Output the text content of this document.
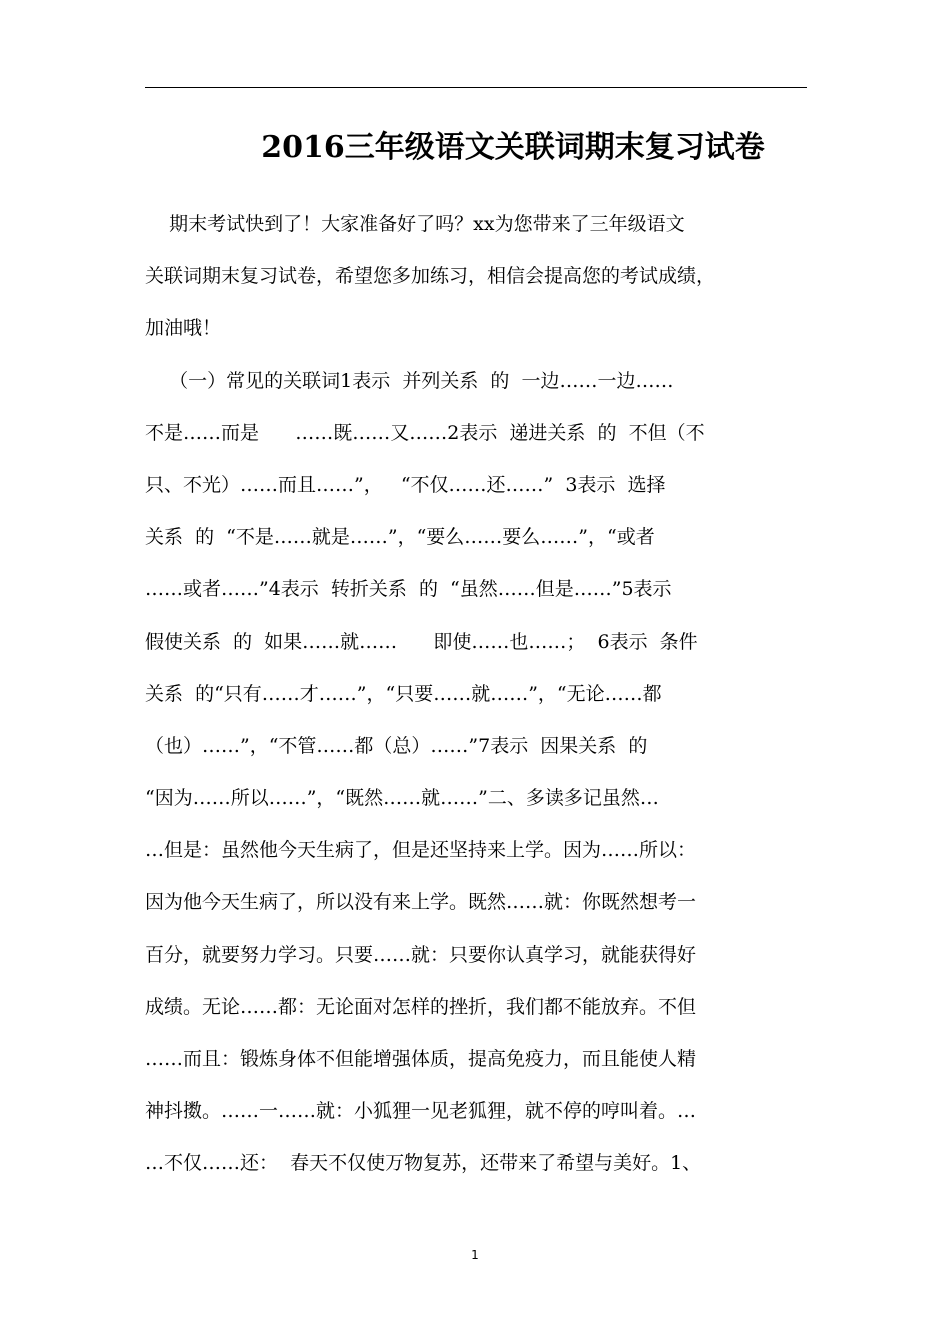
2016三年级语文关联词期末复习试卷
期末考试快到了！大家准备好了吗？xx为您带来了三年级语文
关联词期末复习试卷，希望您多加练习，相信会提高您的考试成绩，
加油哦！
（一）常见的关联词1表示  并列关系  的  一边……一边……
不是……而是      ……既……又……2表示  递进关系  的  不但（不
只、不光）……而且……”，   “不仅……还……”  3表示  选择
关系  的  “不是……就是……”，“要么……要么……”，“或者
……或者……”4表示  转折关系  的  “虽然……但是……”5表示
假使关系  的  如果……就……      即使……也……；  6表示  条件
关系  的“只有……才……”，“只要……就……”，“无论……都
（也）……”，“不管……都（总）……”7表示  因果关系  的
“因为……所以……”，“既然……就……”二、多读多记虽然…
…但是：虽然他今天生病了，但是还坚持来上学。因为……所以：
因为他今天生病了，所以没有来上学。既然……就：你既然想考一
百分，就要努力学习。只要……就：只要你认真学习，就能获得好
成绩。无论……都：无论面对怎样的挫折，我们都不能放弃。不但
……而且：锻炼身体不但能增强体质，提高免疫力，而且能使人精
神抖擞。……一……就：小狐狸一见老狐狸，就不停的哼叫着。…
…不仅……还：  春天不仅使万物复苏，还带来了希望与美好。1、
1
